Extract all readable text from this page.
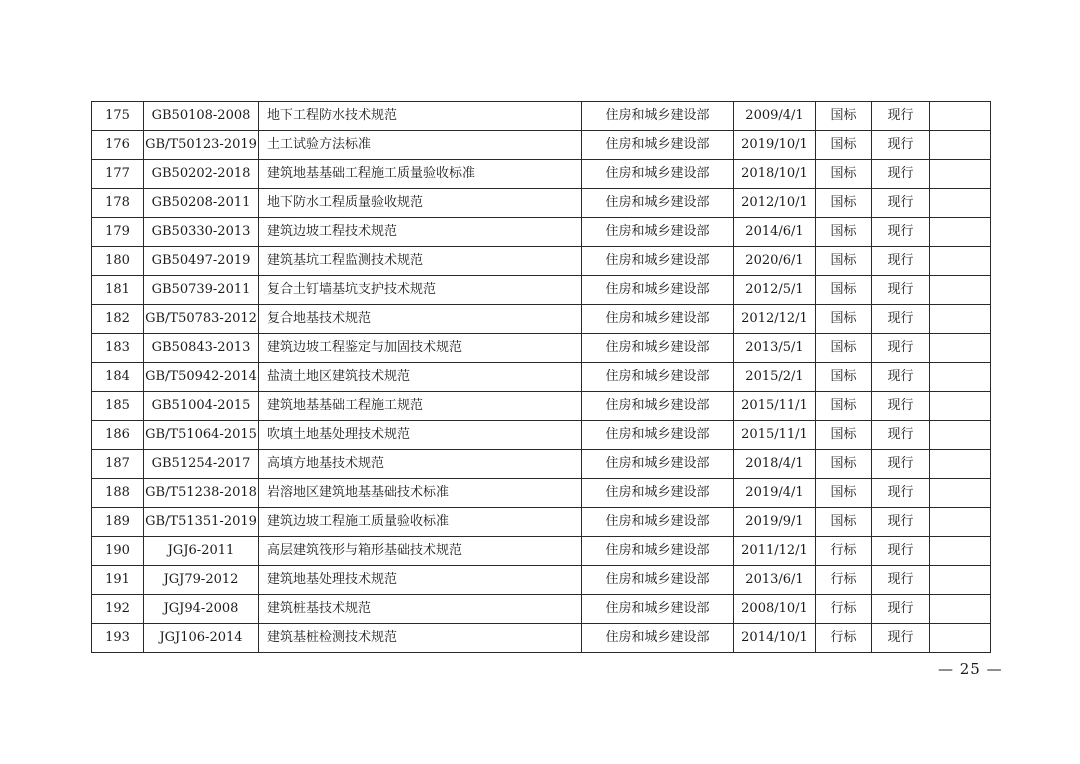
175	GB50108-2008	地下工程防水技术规范	住房和城乡建设部	2009/4/1	国标	现行	
176	GB/T50123-2019	土工试验方法标准	住房和城乡建设部	2019/10/1	国标	现行	
177	GB50202-2018	建筑地基基础工程施工质量验收标准	住房和城乡建设部	2018/10/1	国标	现行	
178	GB50208-2011	地下防水工程质量验收规范	住房和城乡建设部	2012/10/1	国标	现行	
179	GB50330-2013	建筑边坡工程技术规范	住房和城乡建设部	2014/6/1	国标	现行	
180	GB50497-2019	建筑基坑工程监测技术规范	住房和城乡建设部	2020/6/1	国标	现行	
181	GB50739-2011	复合土钉墙基坑支护技术规范	住房和城乡建设部	2012/5/1	国标	现行	
182	GB/T50783-2012	复合地基技术规范	住房和城乡建设部	2012/12/1	国标	现行	
183	GB50843-2013	建筑边坡工程鉴定与加固技术规范	住房和城乡建设部	2013/5/1	国标	现行	
184	GB/T50942-2014	盐渍土地区建筑技术规范	住房和城乡建设部	2015/2/1	国标	现行	
185	GB51004-2015	建筑地基基础工程施工规范	住房和城乡建设部	2015/11/1	国标	现行	
186	GB/T51064-2015	吹填土地基处理技术规范	住房和城乡建设部	2015/11/1	国标	现行	
187	GB51254-2017	高填方地基技术规范	住房和城乡建设部	2018/4/1	国标	现行	
188	GB/T51238-2018	岩溶地区建筑地基基础技术标准	住房和城乡建设部	2019/4/1	国标	现行	
189	GB/T51351-2019	建筑边坡工程施工质量验收标准	住房和城乡建设部	2019/9/1	国标	现行	
190	JGJ6-2011	高层建筑筏形与箱形基础技术规范	住房和城乡建设部	2011/12/1	行标	现行	
191	JGJ79-2012	建筑地基处理技术规范	住房和城乡建设部	2013/6/1	行标	现行	
192	JGJ94-2008	建筑桩基技术规范	住房和城乡建设部	2008/10/1	行标	现行	
193	JGJ106-2014	建筑基桩检测技术规范	住房和城乡建设部	2014/10/1	行标	现行	
— 25 —
